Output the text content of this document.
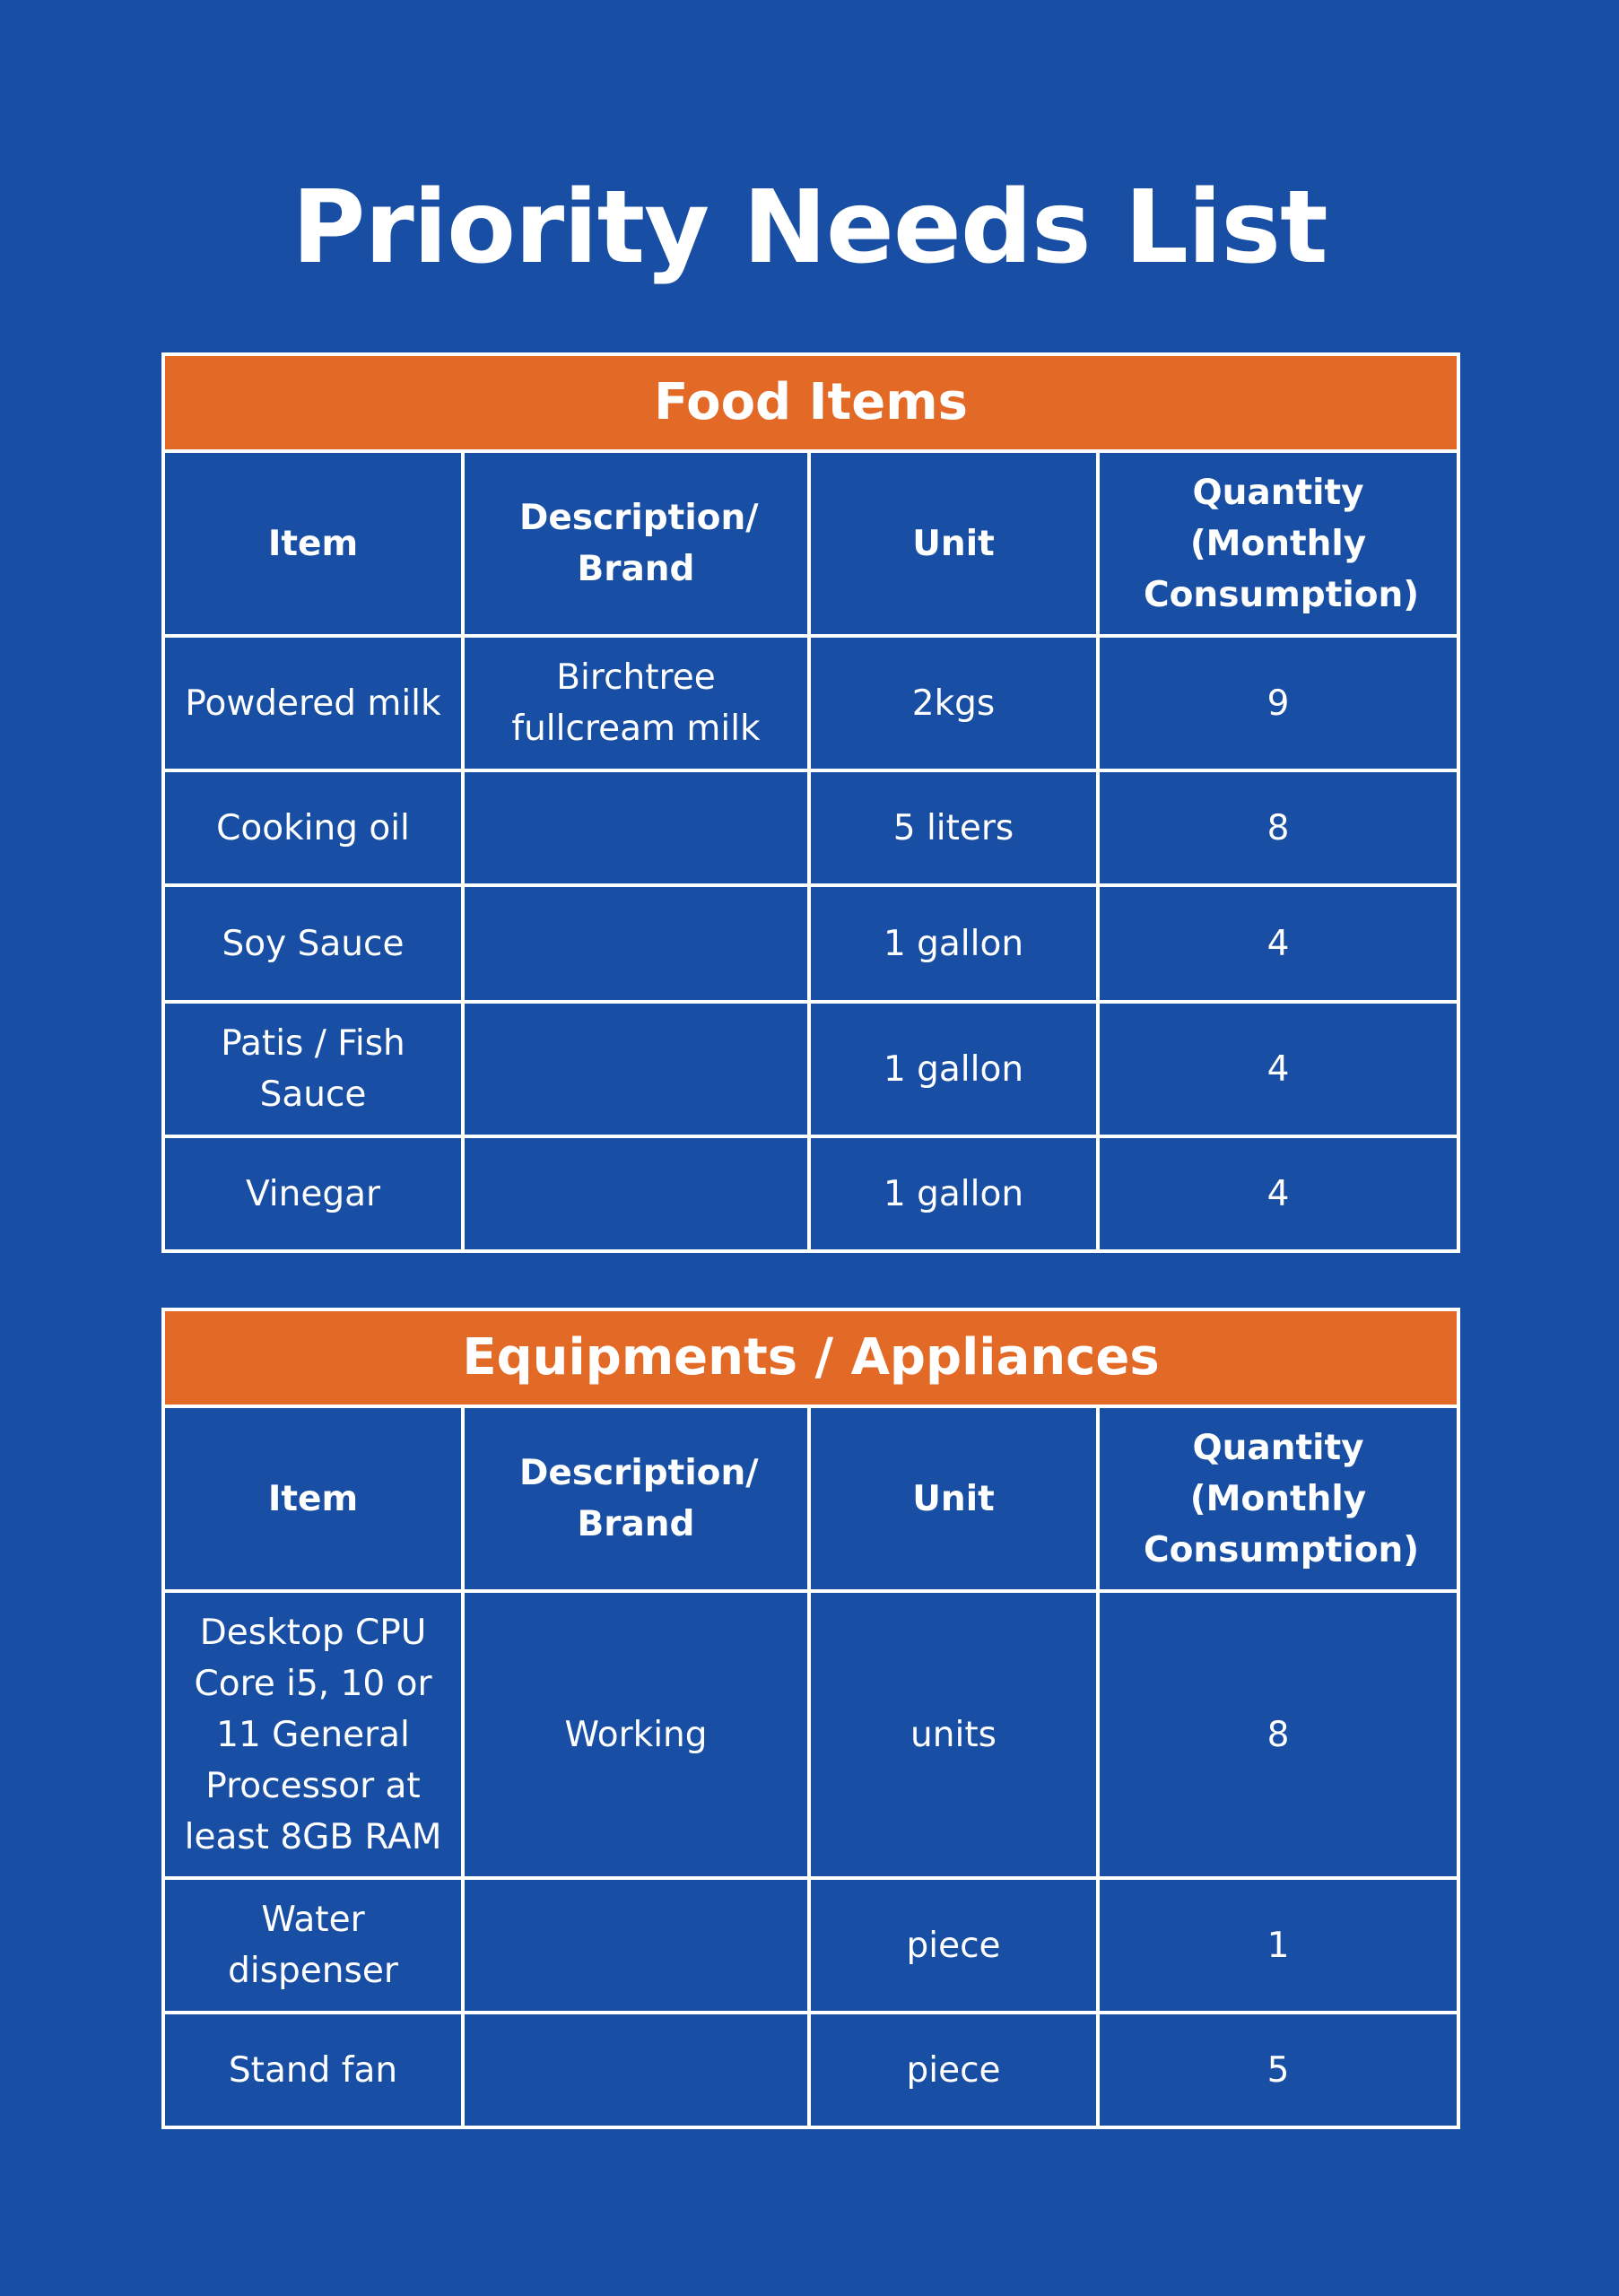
Priority Needs List
Food Items			
Item	Description/ Brand	Unit	Quantity (Monthly Consumption)

Powdered milk	Birchtree fullcream milk	2kgs	9
Cooking oil		5 liters	8
Soy Sauce		1 gallon	4

Patis / Fish Sauce		1 gallon	4
Vinegar		1 gallon	4
Equipments / Appliances			
Item	Description/ Brand	Unit	Quantity (Monthly Consumption)

Desktop CPU Core i5, 10 or 11 General Processor at least 8GB RAM	Working	units	8

Water dispenser		piece	1
Stand fan		piece	5
